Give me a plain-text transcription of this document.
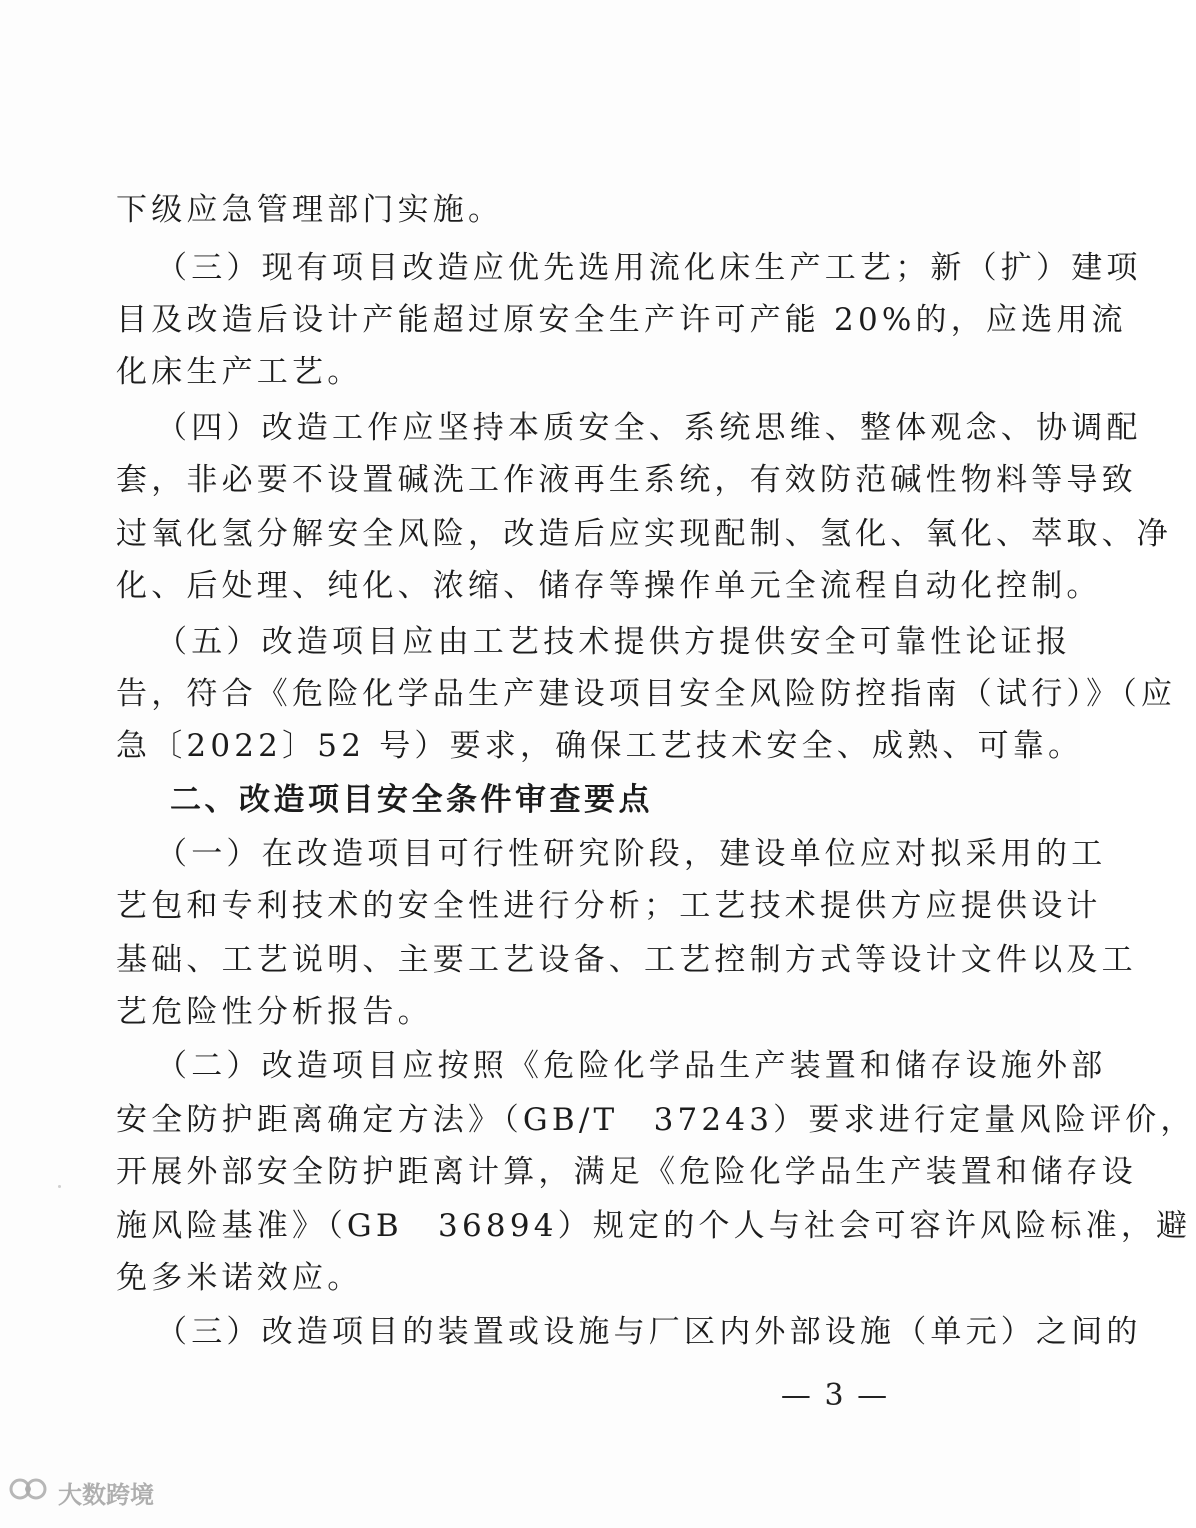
下级应急管理部门实施。
（三）现有项目改造应优先选用流化床生产工艺；新（扩）建项
目及改造后设计产能超过原安全生产许可产能 20%的，应选用流
化床生产工艺。
（四）改造工作应坚持本质安全、系统思维、整体观念、协调配
套，非必要不设置碱洗工作液再生系统，有效防范碱性物料等导致
过氧化氢分解安全风险，改造后应实现配制、氢化、氧化、萃取、净
化、后处理、纯化、浓缩、储存等操作单元全流程自动化控制。
（五）改造项目应由工艺技术提供方提供安全可靠性论证报
告，符合《危险化学品生产建设项目安全风险防控指南（试行）》（应
急〔2022〕52 号）要求，确保工艺技术安全、成熟、可靠。
二、改造项目安全条件审查要点
（一）在改造项目可行性研究阶段，建设单位应对拟采用的工
艺包和专利技术的安全性进行分析；工艺技术提供方应提供设计
基础、工艺说明、主要工艺设备、工艺控制方式等设计文件以及工
艺危险性分析报告。
（二）改造项目应按照《危险化学品生产装置和储存设施外部
安全防护距离确定方法》（GB/T　37243）要求进行定量风险评价，
开展外部安全防护距离计算，满足《危险化学品生产装置和储存设
施风险基准》（GB　36894）规定的个人与社会可容许风险标准，避
免多米诺效应。
（三）改造项目的装置或设施与厂区内外部设施（单元）之间的
— 3 —
大数跨境
